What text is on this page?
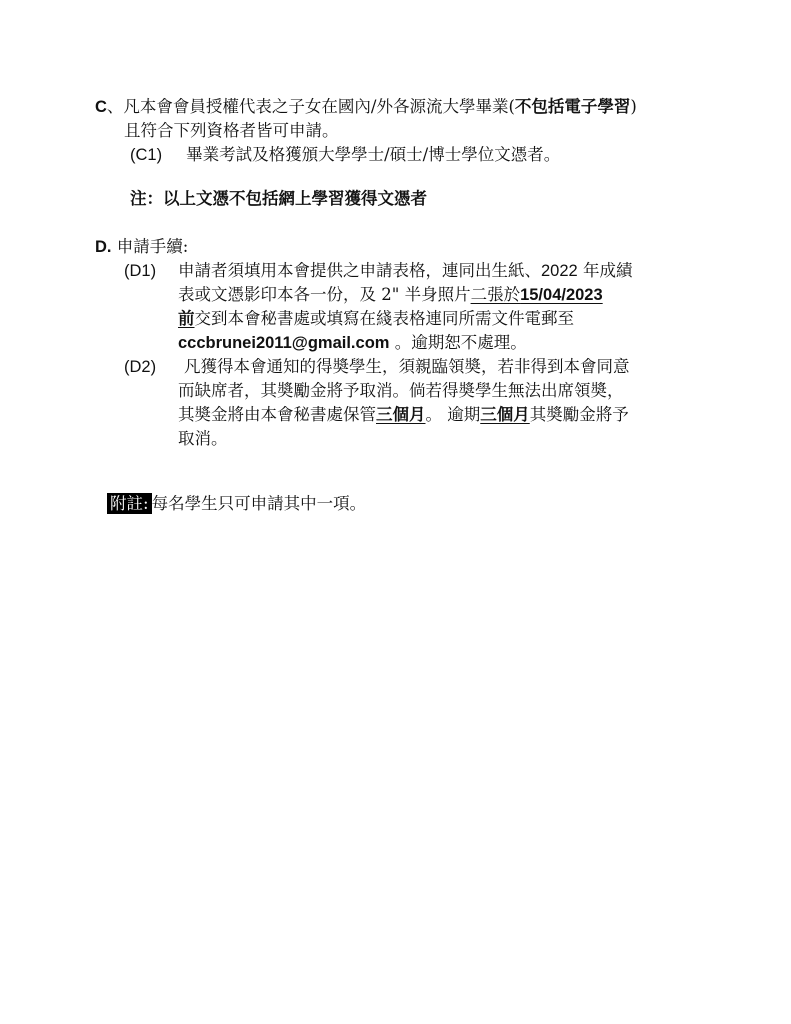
C、凡本會會員授權代表之子女在國內/外各源流大學畢業(不包括電子學習)
且符合下列資格者皆可申請。
(C1) 畢業考試及格獲頒大學學士/碩士/博士學位文憑者。
注：以上文憑不包括網上學習獲得文憑者
D. 申請手續:
(D1) 申請者須填用本會提供之申請表格，連同出生紙、2022 年成績
表或文憑影印本各一份，及 2" 半身照片二張於15/04/2023
前交到本會秘書處或填寫在綫表格連同所需文件電郵至
cccbrunei2011@gmail.com 。逾期恕不處理。
(D2) 凡獲得本會通知的得奬學生，須親臨領奬，若非得到本會同意
而缺席者，其奬勵金將予取消。倘若得奬學生無法出席領奬，
其奬金將由本會秘書處保管三個月。 逾期三個月其奬勵金將予
取消。
附註: 每名學生只可申請其中一項。
